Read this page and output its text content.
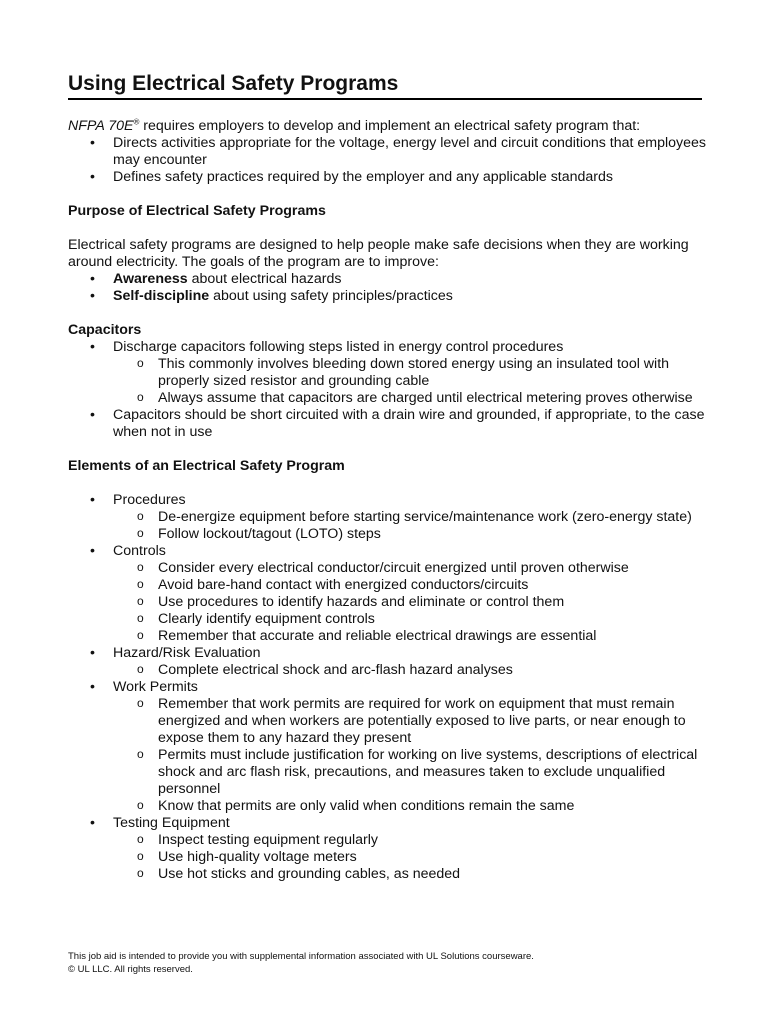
Using Electrical Safety Programs

NFPA 70E® requires employers to develop and implement an electrical safety program that:

• Directs activities appropriate for the voltage, energy level and circuit conditions that employees may encounter
• Defines safety practices required by the employer and any applicable standards

Purpose of Electrical Safety Programs

Electrical safety programs are designed to help people make safe decisions when they are working around electricity. The goals of the program are to improve:

• Awareness about electrical hazards
• Self-discipline about using safety principles/practices

Capacitors

• Discharge capacitors following steps listed in energy control procedures
o This commonly involves bleeding down stored energy using an insulated tool with properly sized resistor and grounding cable
o Always assume that capacitors are charged until electrical metering proves otherwise
• Capacitors should be short circuited with a drain wire and grounded, if appropriate, to the case when not in use

Elements of an Electrical Safety Program

• Procedures
o De-energize equipment before starting service/maintenance work (zero-energy state)
o Follow lockout/tagout (LOTO) steps
• Controls
o Consider every electrical conductor/circuit energized until proven otherwise
o Avoid bare-hand contact with energized conductors/circuits
o Use procedures to identify hazards and eliminate or control them
o Clearly identify equipment controls
o Remember that accurate and reliable electrical drawings are essential
• Hazard/Risk Evaluation
o Complete electrical shock and arc-flash hazard analyses
• Work Permits
o Remember that work permits are required for work on equipment that must remain energized and when workers are potentially exposed to live parts, or near enough to expose them to any hazard they present
o Permits must include justification for working on live systems, descriptions of electrical shock and arc flash risk, precautions, and measures taken to exclude unqualified personnel
o Know that permits are only valid when conditions remain the same
• Testing Equipment
o Inspect testing equipment regularly
o Use high-quality voltage meters
o Use hot sticks and grounding cables, as needed
This job aid is intended to provide you with supplemental information associated with UL Solutions courseware.
© UL LLC. All rights reserved.
